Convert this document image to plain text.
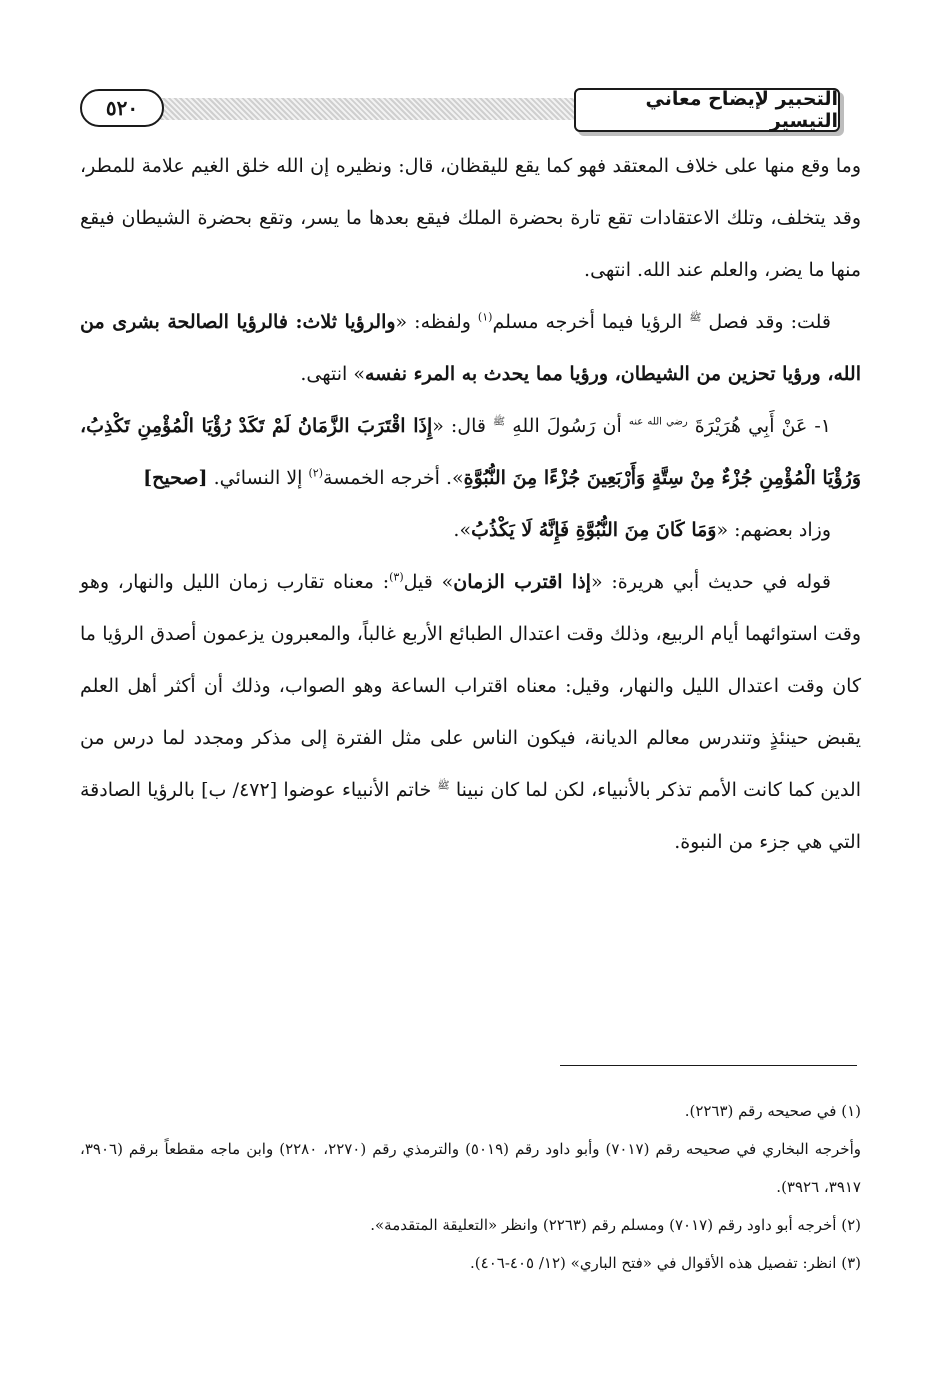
التحبير لإيضاح معاني التيسير
٥٢٠

وما وقع منها على خلاف المعتقد فهو كما يقع لليقظان، قال: ونظيره إن الله خلق الغيم علامة للمطر، وقد يتخلف، وتلك الاعتقادات تقع تارة بحضرة الملك فيقع بعدها ما يسر، وتقع بحضرة الشيطان فيقع منها ما يضر، والعلم عند الله. انتهى.

قلت: وقد فصل $^ﷺ$ الرؤيا فيما أخرجه مسلم$^{(١)}$ ولفظه: «والرؤيا ثلاث: فالرؤيا الصالحة بشرى من الله، ورؤيا تحزين من الشيطان، ورؤيا مما يحدث به المرء نفسه» انتهى.

١- عَنْ أَبِي هُرَيْرَةَ $^{رضي الله عنه}$ أن رَسُولَ اللهِ $^ﷺ$ قال: «إِذَا اقْتَرَبَ الزَّمَانُ لَمْ تَكَدْ رُؤْيَا الْمُؤْمِنِ تَكْذِبُ، وَرُؤْيَا الْمُؤْمِنِ جُزْءٌ مِنْ سِتَّةٍ وَأَرْبَعِينَ جُزْءًا مِنَ النُّبُوَّةِ». أخرجه الخمسة$^{(٢)}$ إلا النسائي. [صحيح]

وزاد بعضهم: «وَمَا كَانَ مِنَ النُّبُوَّةِ فَإِنَّهُ لَا يَكْذُبُ».

قوله في حديث أبي هريرة: «إذا اقترب الزمان» قيل$^{(٣)}$: معناه تقارب زمان الليل والنهار، وهو وقت استوائهما أيام الربيع، وذلك وقت اعتدال الطبائع الأربع غالباً، والمعبرون يزعمون أصدق الرؤيا ما كان وقت اعتدال الليل والنهار، وقيل: معناه اقتراب الساعة وهو الصواب، وذلك أن أكثر أهل العلم يقبض حينئذٍ وتندرس معالم الديانة، فيكون الناس على مثل الفترة إلى مذكر ومجدد لما درس من الدين كما كانت الأمم تذكر بالأنبياء، لكن لما كان نبينا $^ﷺ$ خاتم الأنبياء عوضوا [٤٧٢/ ب] بالرؤيا الصادقة التي هي جزء من النبوة.

(١) في صحيحه رقم (٢٢٦٣).

وأخرجه البخاري في صحيحه رقم (٧٠١٧) وأبو داود رقم (٥٠١٩) والترمذي رقم (٢٢٧٠، ٢٢٨٠) وابن ماجه مقطعاً برقم (٣٩٠٦، ٣٩١٧، ٣٩٢٦).

(٢) أخرجه أبو داود رقم (٧٠١٧) ومسلم رقم (٢٢٦٣) وانظر «التعليقة المتقدمة».

(٣) انظر: تفصيل هذه الأقوال في «فتح الباري» (١٢/ ٤٠٥-٤٠٦).
